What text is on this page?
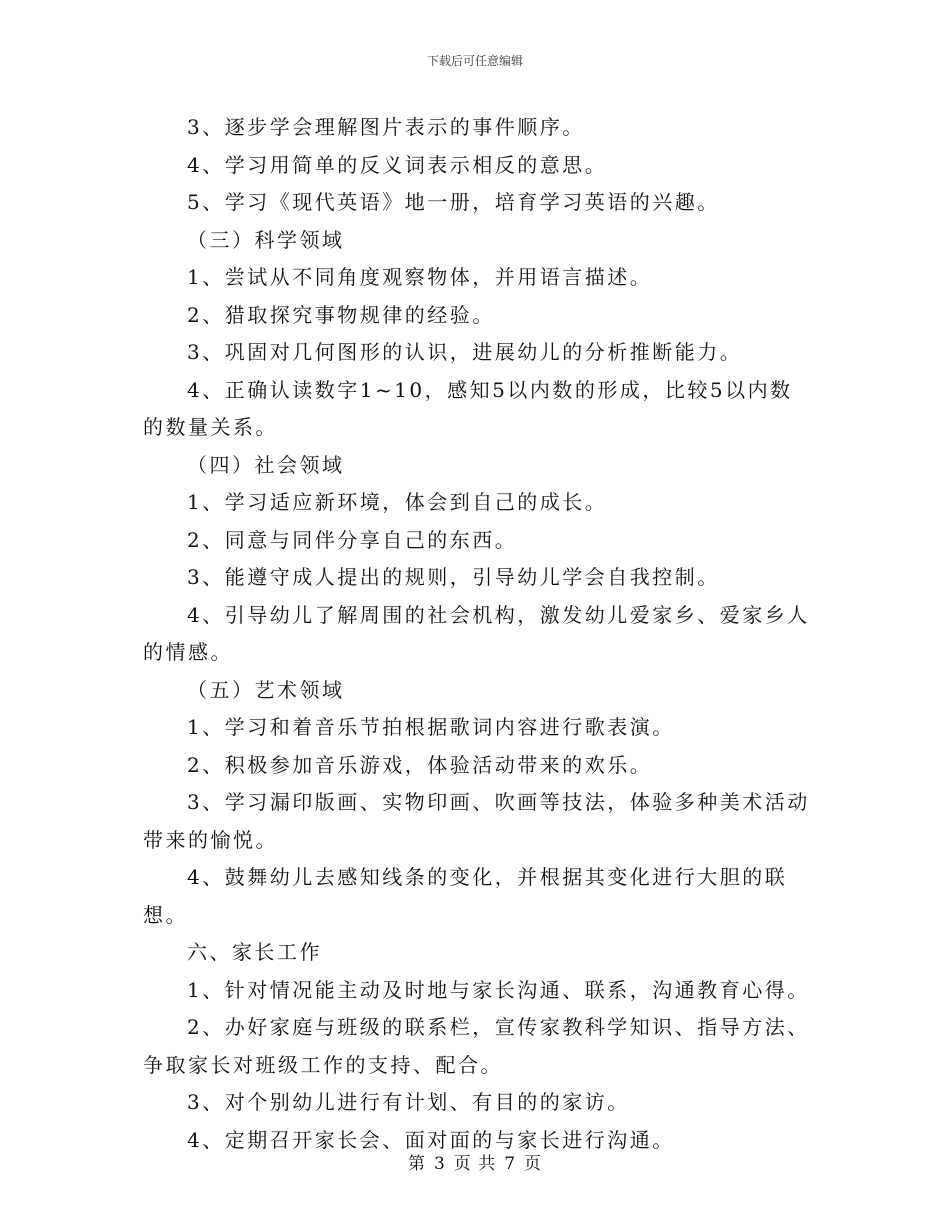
下载后可任意编辑

3、逐步学会理解图片表示的事件顺序。

4、学习用简单的反义词表示相反的意思。

5、学习《现代英语》地一册，培育学习英语的兴趣。

（三）科学领域

1、尝试从不同角度观察物体，并用语言描述。

2、猎取探究事物规律的经验。

3、巩固对几何图形的认识，进展幼儿的分析推断能力。

4、正确认读数字1~10，感知5以内数的形成，比较5以内数的数量关系。

（四）社会领域

1、学习适应新环境，体会到自己的成长。

2、同意与同伴分享自己的东西。

3、能遵守成人提出的规则，引导幼儿学会自我控制。

4、引导幼儿了解周围的社会机构，激发幼儿爱家乡、爱家乡人的情感。

（五）艺术领域

1、学习和着音乐节拍根据歌词内容进行歌表演。

2、积极参加音乐游戏，体验活动带来的欢乐。

3、学习漏印版画、实物印画、吹画等技法，体验多种美术活动带来的愉悦。

4、鼓舞幼儿去感知线条的变化，并根据其变化进行大胆的联想。

六、家长工作

1、针对情况能主动及时地与家长沟通、联系，沟通教育心得。

2、办好家庭与班级的联系栏，宣传家教科学知识、指导方法、争取家长对班级工作的支持、配合。

3、对个别幼儿进行有计划、有目的的家访。

4、定期召开家长会、面对面的与家长进行沟通。

第 3 页 共 7 页
